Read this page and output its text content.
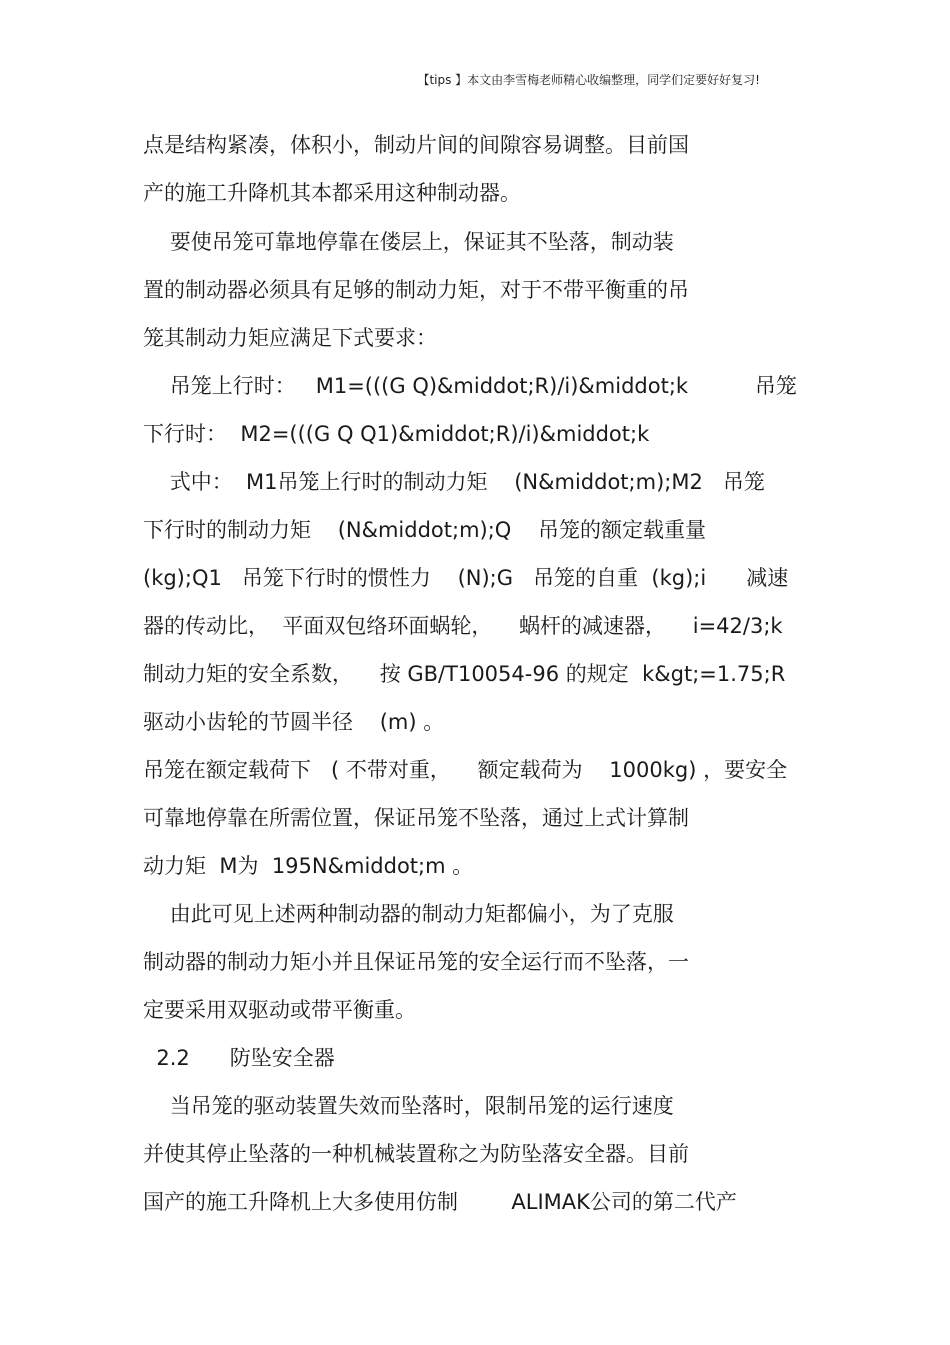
【tips 】本文由李雪梅老师精心收编整理，同学们定要好好复习!
点是结构紧凑，体积小，制动片间的间隙容易调整。目前国
产的施工升降机其本都采用这种制动器。
要使吊笼可靠地停靠在偻层上，保证其不坠落，制动装
置的制动器必须具有足够的制动力矩，对于不带平衡重的吊
笼其制动力矩应满足下式要求：
吊笼上行时：   M1=(((G Q)&middot;R)/i)&middot;k          吊笼
下行时：  M2=(((G Q Q1)&middot;R)/i)&middot;k
式中：  M1吊笼上行时的制动力矩    (N&middot;m);M2   吊笼
下行时的制动力矩    (N&middot;m);Q    吊笼的额定载重量
(kg);Q1   吊笼下行时的惯性力    (N);G   吊笼的自重  (kg);i      减速
器的传动比，  平面双包络环面蜗轮，    蜗杆的减速器，    i=42/3;k
制动力矩的安全系数，    按 GB/T10054-96 的规定  k&gt;=1.75;R
驱动小齿轮的节圆半径    (m) 。
吊笼在额定载荷下   ( 不带对重，    额定载荷为    1000kg) ，要安全
可靠地停靠在所需位置，保证吊笼不坠落，通过上式计算制
动力矩  M为  195N&middot;m 。
由此可见上述两种制动器的制动力矩都偏小，为了克服
制动器的制动力矩小并且保证吊笼的安全运行而不坠落，一
定要采用双驱动或带平衡重。
2.2      防坠安全器
当吊笼的驱动装置失效而坠落时，限制吊笼的运行速度
并使其停止坠落的一种机械装置称之为防坠落安全器。目前
国产的施工升降机上大多使用仿制        ALIMAK公司的第二代产
